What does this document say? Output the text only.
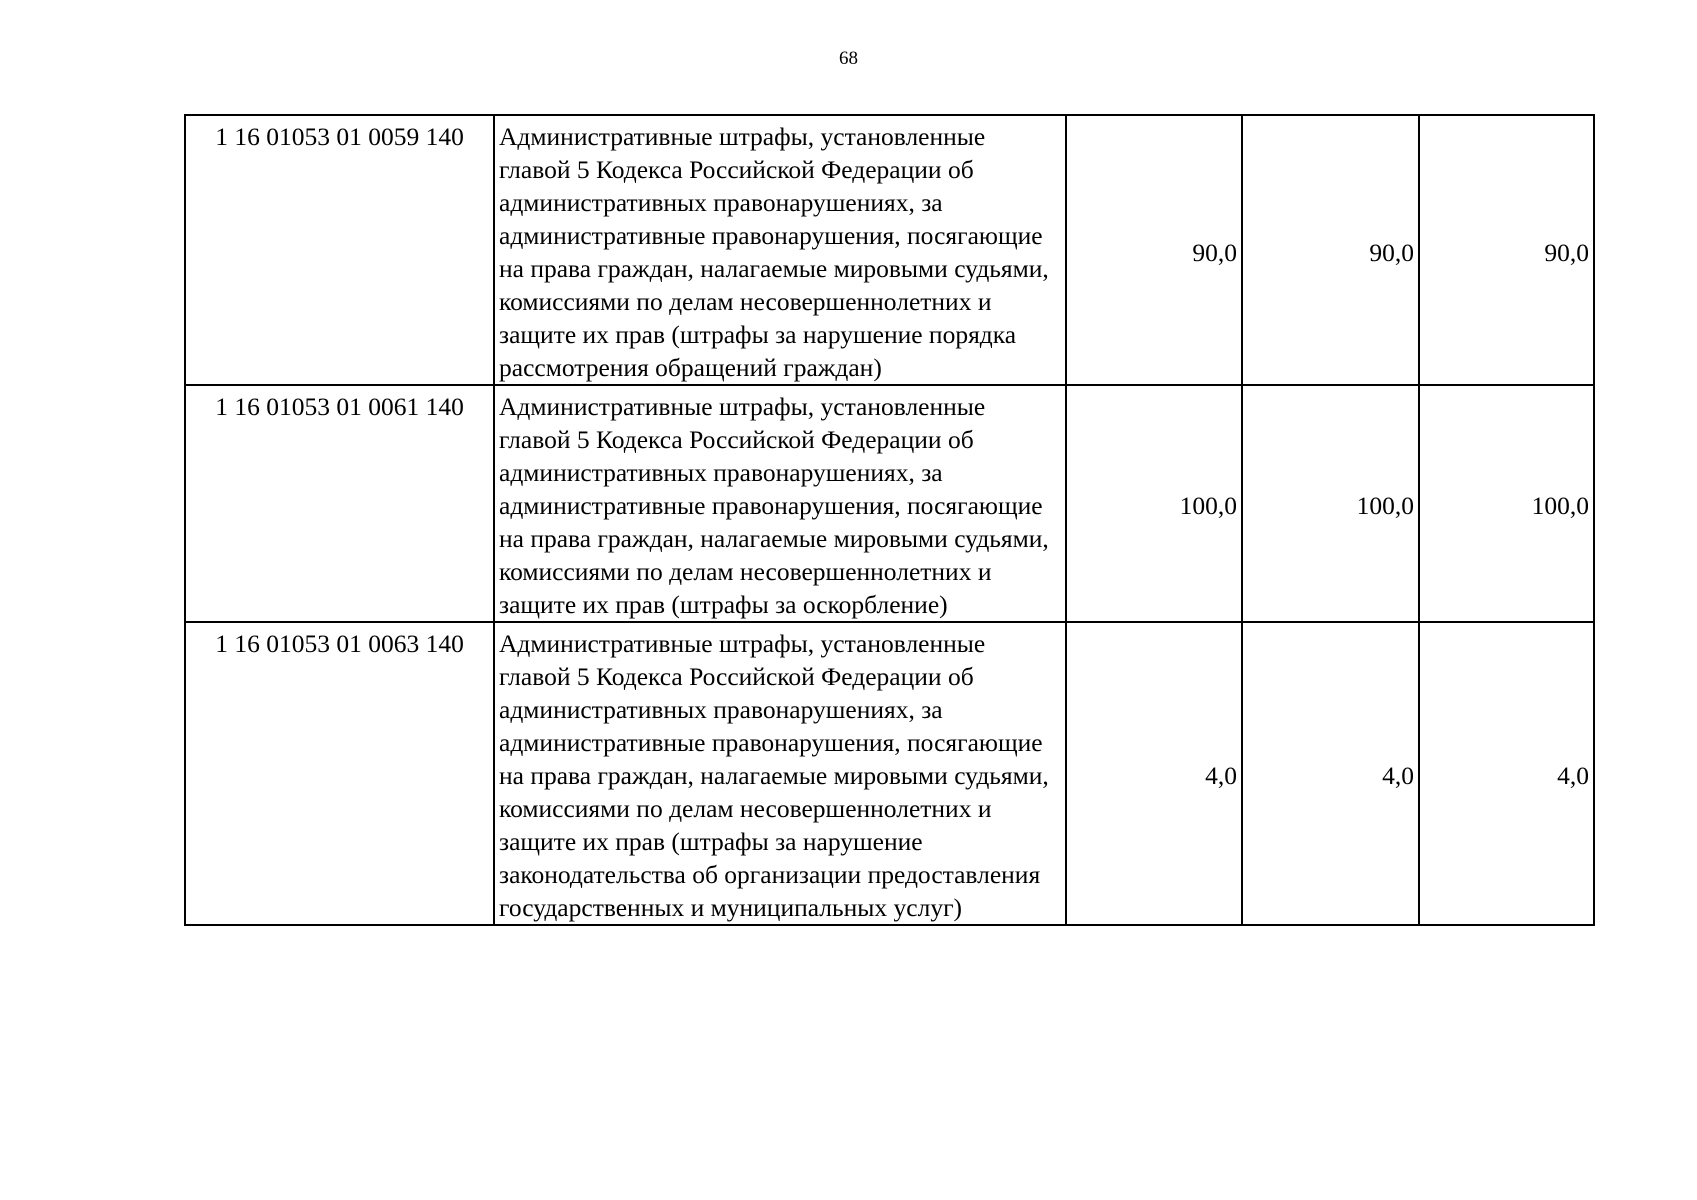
68
1 16 01053 01 0059 140	Административные штрафы, установленные главой 5 Кодекса Российской Федерации об административных правонарушениях, за административные правонарушения, посягающие на права граждан, налагаемые мировыми судьями, комиссиями по делам несовершеннолетних и защите их прав (штрафы за нарушение порядка рассмотрения обращений граждан)	90,0	90,0	90,0
1 16 01053 01 0061 140	Административные штрафы, установленные главой 5 Кодекса Российской Федерации об административных правонарушениях, за административные правонарушения, посягающие на права граждан, налагаемые мировыми судьями, комиссиями по делам несовершеннолетних и защите их прав (штрафы за оскорбление)	100,0	100,0	100,0
1 16 01053 01 0063 140	Административные штрафы, установленные главой 5 Кодекса Российской Федерации об административных правонарушениях, за административные правонарушения, посягающие на права граждан, налагаемые мировыми судьями, комиссиями по делам несовершеннолетних и защите их прав (штрафы за нарушение законодательства об организации предоставления государственных и муниципальных услуг)	4,0	4,0	4,0
